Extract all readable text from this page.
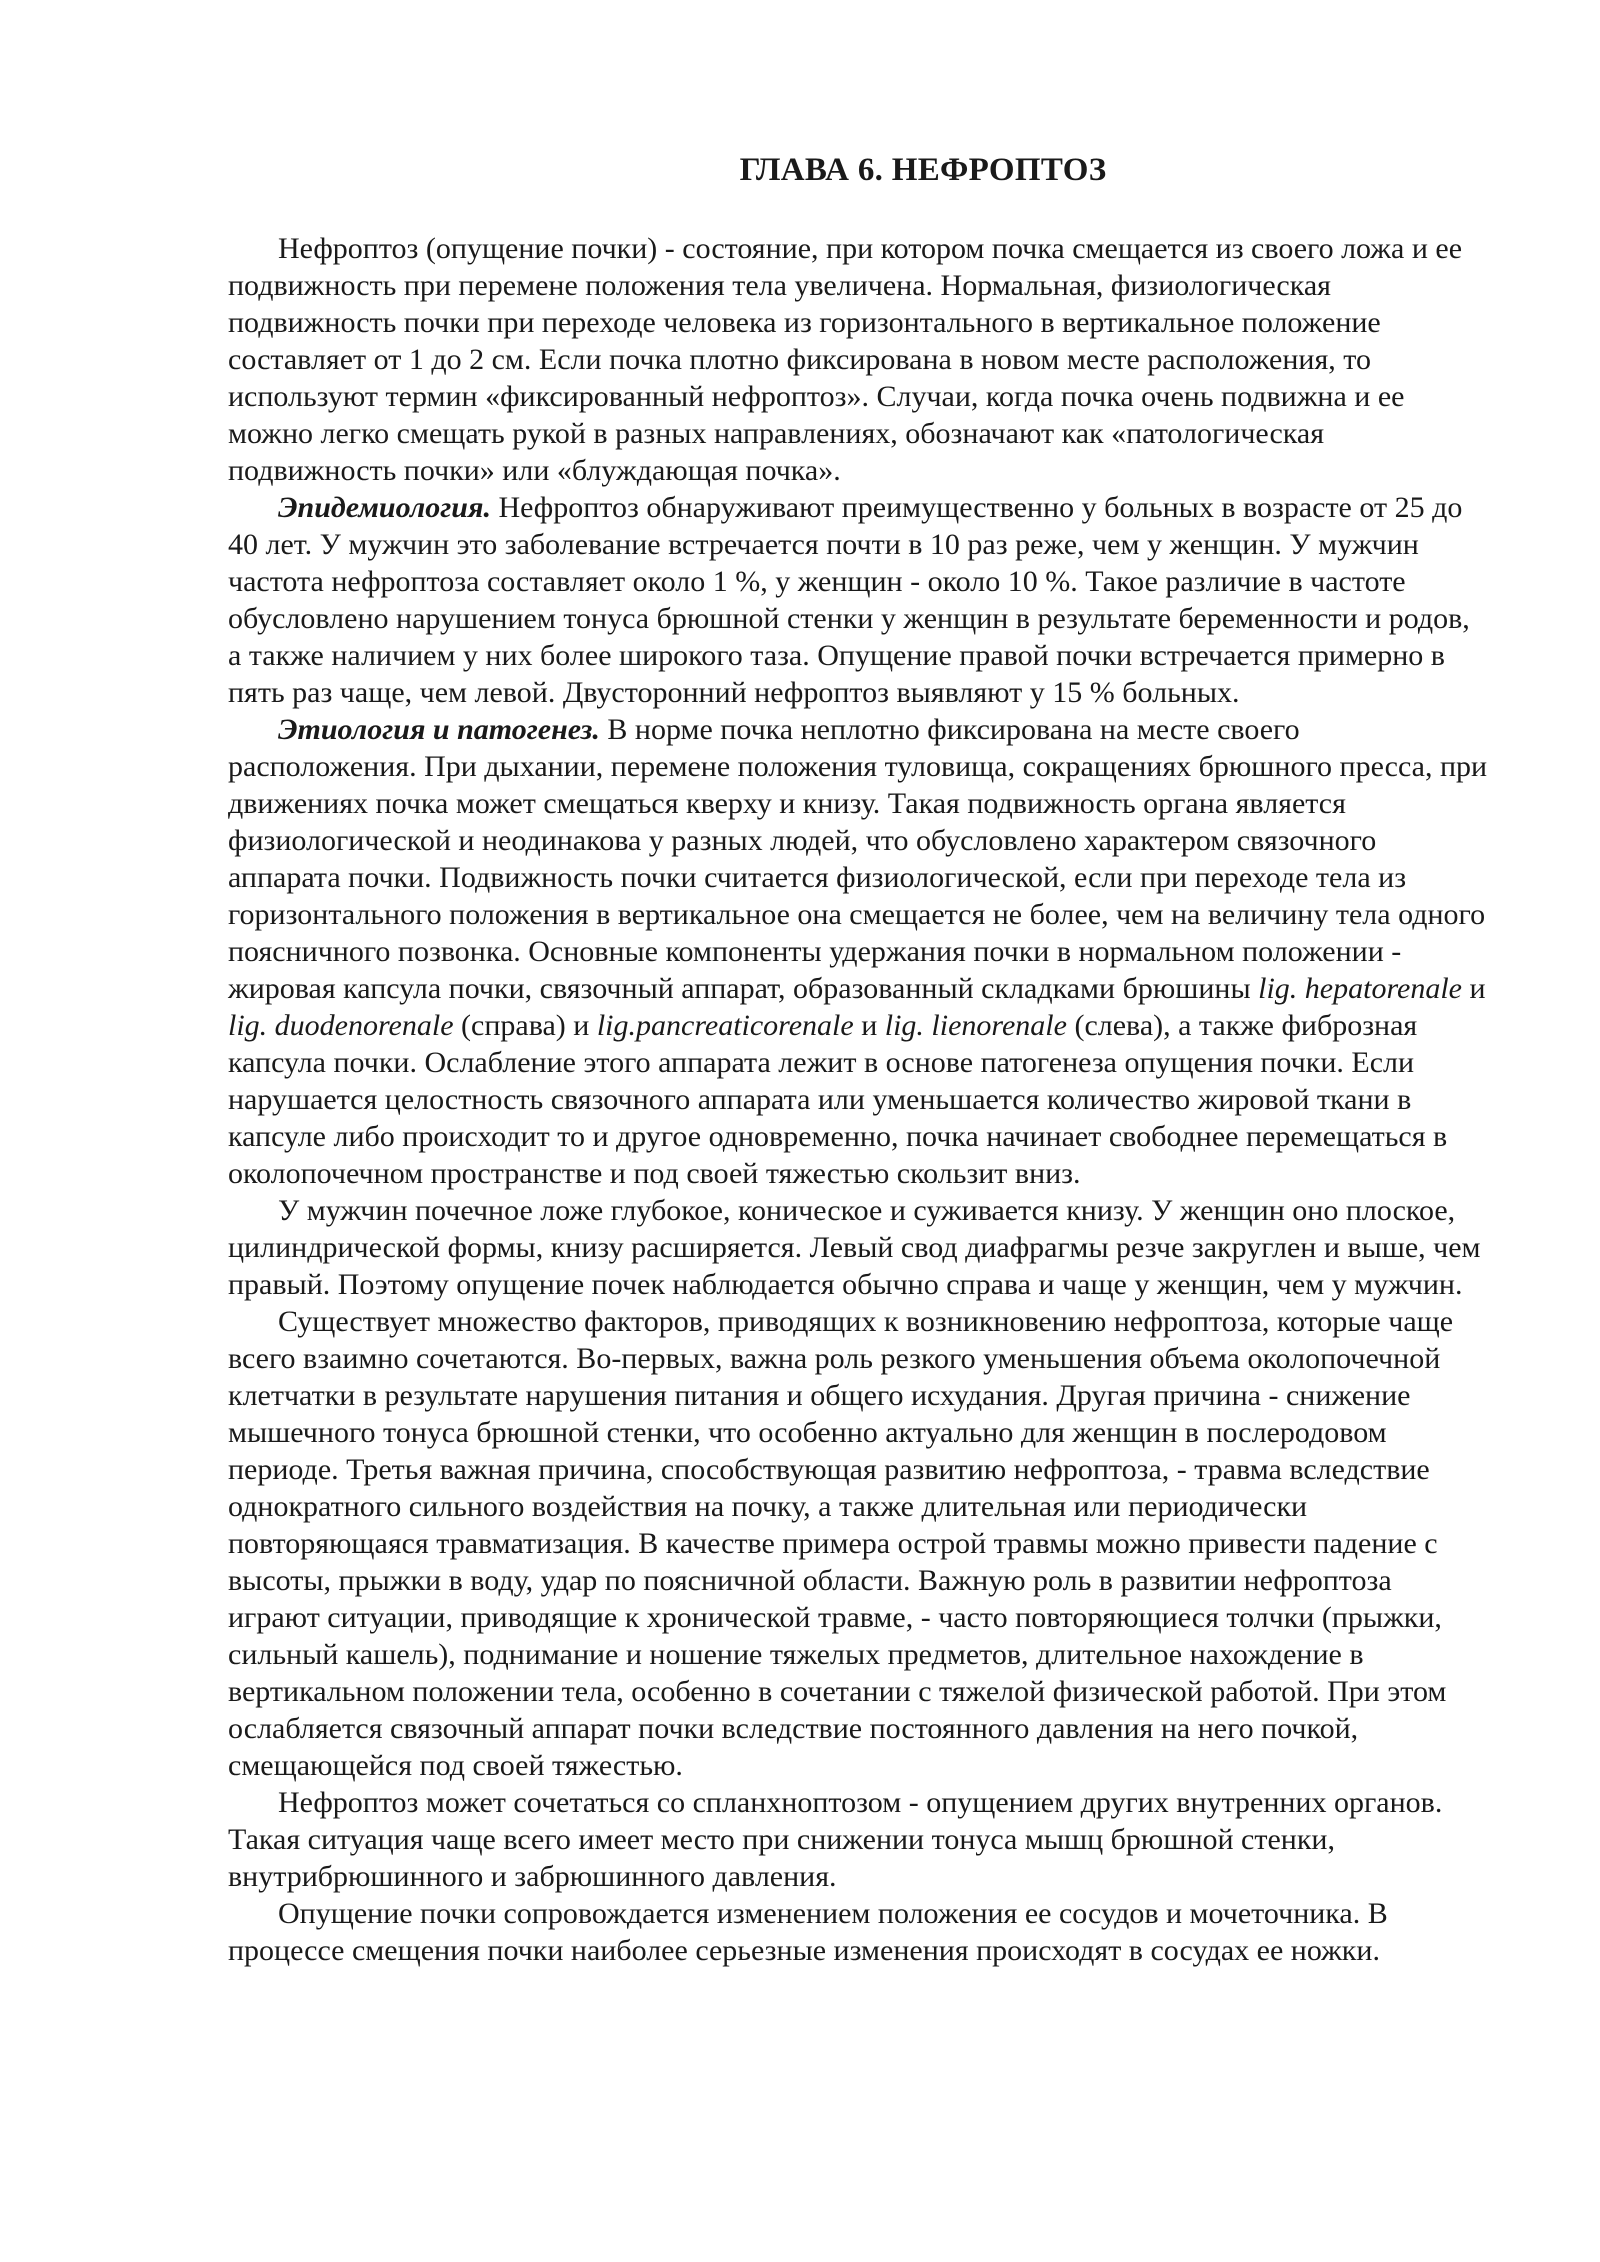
ГЛАВА 6. НЕФРОПТОЗ

Нефроптоз (опущение почки) - состояние, при котором почка смещается из своего ложа и ее подвижность при перемене положения тела увеличена. Нормальная, физиологическая подвижность почки при переходе человека из горизонтального в вертикальное положение составляет от 1 до 2 см. Если почка плотно фиксирована в новом месте расположения, то используют термин «фиксированный нефроптоз». Случаи, когда почка очень подвижна и ее можно легко смещать рукой в разных направлениях, обозначают как «патологическая подвижность почки» или «блуждающая почка».

Эпидемиология. Нефроптоз обнаруживают преимущественно у больных в возрасте от 25 до 40 лет. У мужчин это заболевание встречается почти в 10 раз реже, чем у женщин. У мужчин частота нефроптоза составляет около 1 %, у женщин - около 10 %. Такое различие в частоте обусловлено нарушением тонуса брюшной стенки у женщин в результате беременности и родов, а также наличием у них более широкого таза. Опущение правой почки встречается примерно в пять раз чаще, чем левой. Двусторонний нефроптоз выявляют у 15 % больных.

Этиология и патогенез. В норме почка неплотно фиксирована на месте своего расположения. При дыхании, перемене положения туловища, сокращениях брюшного пресса, при движениях почка может смещаться кверху и книзу. Такая подвижность органа является физиологической и неодинакова у разных людей, что обусловлено характером связочного аппарата почки. Подвижность почки считается физиологической, если при переходе тела из горизонтального положения в вертикальное она смещается не более, чем на величину тела одного поясничного позвонка. Основные компоненты удержания почки в нормальном положении - жировая капсула почки, связочный аппарат, образованный складками брюшины lig. hepatorenale и lig. duodenorenale (справа) и lig.pancreaticorenale и lig. lienorenale (слева), а также фиброзная капсула почки. Ослабление этого аппарата лежит в основе патогенеза опущения почки. Если нарушается целостность связочного аппарата или уменьшается количество жировой ткани в капсуле либо происходит то и другое одновременно, почка начинает свободнее перемещаться в околопочечном пространстве и под своей тяжестью скользит вниз.

У мужчин почечное ложе глубокое, коническое и суживается книзу. У женщин оно плоское, цилиндрической формы, книзу расширяется. Левый свод диафрагмы резче закруглен и выше, чем правый. Поэтому опущение почек наблюдается обычно справа и чаще у женщин, чем у мужчин.

Существует множество факторов, приводящих к возникновению нефроптоза, которые чаще всего взаимно сочетаются. Во-первых, важна роль резкого уменьшения объема околопочечной клетчатки в результате нарушения питания и общего исхудания. Другая причина - снижение мышечного тонуса брюшной стенки, что особенно актуально для женщин в послеродовом периоде. Третья важная причина, способствующая развитию нефроптоза, - травма вследствие однократного сильного воздействия на почку, а также длительная или периодически повторяющаяся травматизация. В качестве примера острой травмы можно привести падение с высоты, прыжки в воду, удар по поясничной области. Важную роль в развитии нефроптоза играют ситуации, приводящие к хронической травме, - часто повторяющиеся толчки (прыжки, сильный кашель), поднимание и ношение тяжелых предметов, длительное нахождение в вертикальном положении тела, особенно в сочетании с тяжелой физической работой. При этом ослабляется связочный аппарат почки вследствие постоянного давления на него почкой, смещающейся под своей тяжестью.

Нефроптоз может сочетаться со спланхноптозом - опущением других внутренних органов. Такая ситуация чаще всего имеет место при снижении тонуса мышц брюшной стенки, внутрибрюшинного и забрюшинного давления.

Опущение почки сопровождается изменением положения ее сосудов и мочеточника. В процессе смещения почки наиболее серьезные изменения происходят в сосудах ее ножки.
